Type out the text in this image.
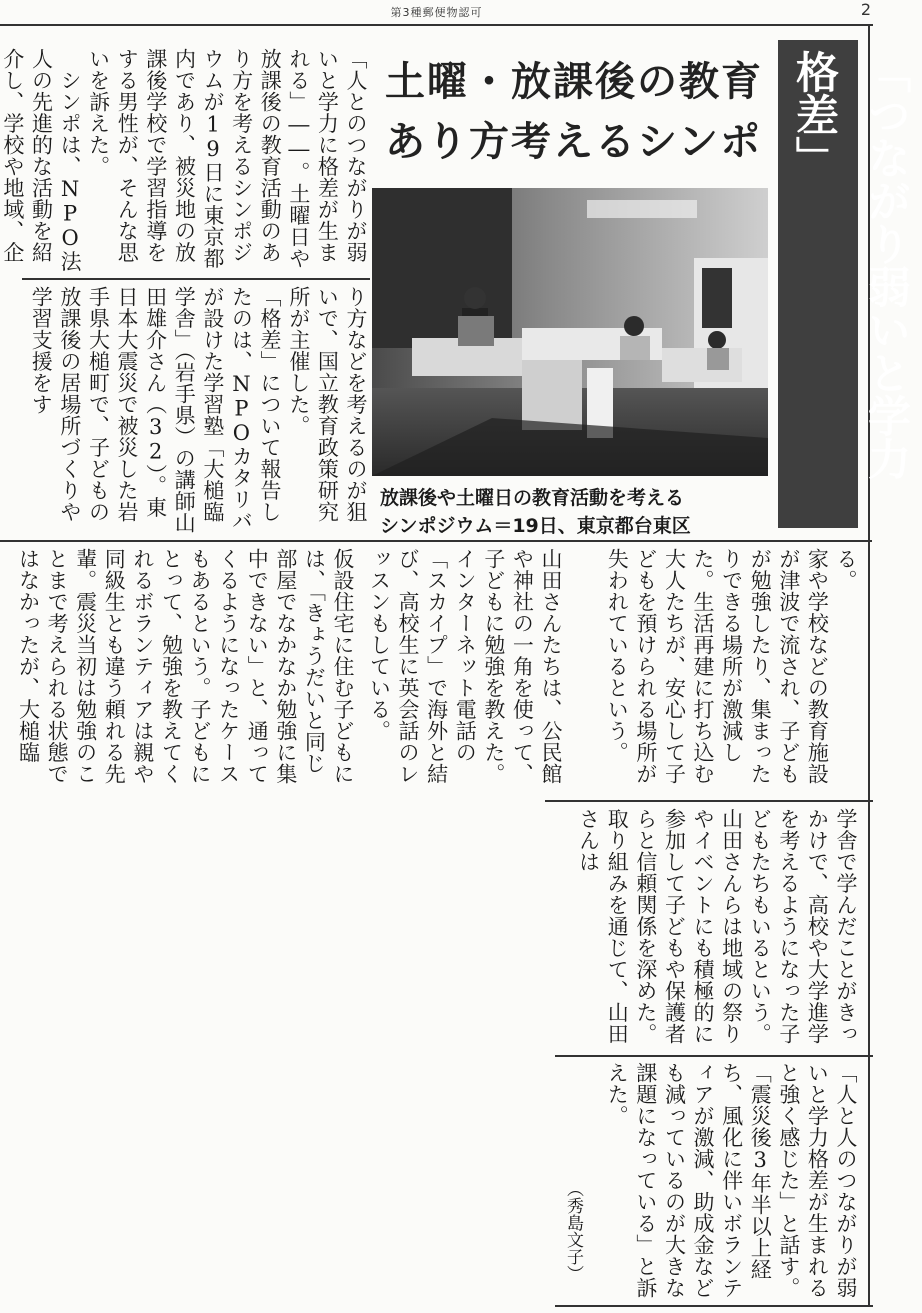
第3種郵便物認可	2
「つながり弱いと学力格差」
土曜・放課後の教育
あり方考えるシンポ
放課後や土曜日の教育活動を考える
シンポジウム＝19日、東京都台東区
「人とのつながりが弱いと学力に格差が生まれる」――。土曜日や放課後の教育活動のあり方を考えるシンポジウムが19日に東京都内であり、被災地の放課後学校で学習指導をする男性が、そんな思いを訴えた。
　シンポは、NPO法人の先進的な活動を紹介し、学校や地域、企
り方などを考えるのが狙いで、国立教育政策研究所が主催した。
「格差」について報告したのは、NPOカタリバが設けた学習塾「大槌臨学舎」（岩手県）の講師山田雄介さん（32）。東日本大震災で被災した岩手県大槌町で、子どもの放課後の居場所づくりや学習支援をす
る。
家や学校などの教育施設が津波で流され、子どもが勉強したり、集まったりできる場所が激減した。生活再建に打ち込む大人たちが、安心して子どもを預けられる場所が失われているという。
山田さんたちは、公民館や神社の一角を使って、子どもに勉強を教えた。インターネット電話の「スカイプ」で海外と結び、高校生に英会話のレッスンもしている。
仮設住宅に住む子どもには、「きょうだいと同じ部屋でなかなか勉強に集中できない」と、通ってくるようになったケースもあるという。子どもにとって、勉強を教えてくれるボランティアは親や同級生とも違う頼れる先輩。震災当初は勉強のことまで考えられる状態ではなかったが、大槌臨
学舎で学んだことがきっかけで、高校や大学進学を考えるようになった子どもたちもいるという。
山田さんらは地域の祭りやイベントにも積極的に参加して子どもや保護者らと信頼関係を深めた。取り組みを通じて、山田さんは
「人と人のつながりが弱いと学力格差が生まれると強く感じた」と話す。「震災後3年半以上経ち、風化に伴いボランティアが激減、助成金なども減っているのが大きな課題になっている」と訴えた。
（秀島文子）
